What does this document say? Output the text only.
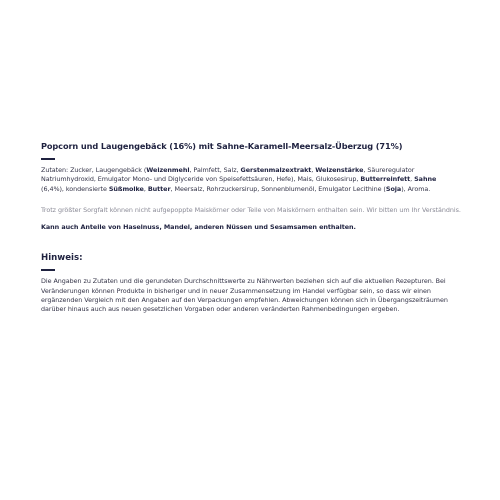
Popcorn und Laugengebäck (16%) mit Sahne-Karamell-Meersalz-Überzug (71%)

Zutaten: Zucker, Laugengebäck (Weizenmehl, Palmfett, Salz, Gerstenmalzextrakt, Weizenstärke, Säureregulator Natriumhydroxid, Emulgator Mono- und Diglyceride von Speisefettsäuren, Hefe), Mais, Glukosesirup, Butterreinfett, Sahne (6,4%), kondensierte Süßmolke, Butter, Meersalz, Rohrzuckersirup, Sonnenblumenöl, Emulgator Lecithine (Soja), Aroma.

Trotz größter Sorgfalt können nicht aufgepoppte Maiskörner oder Teile von Maiskörnern enthalten sein. Wir bitten um Ihr Verständnis.

Kann auch Anteile von Haselnuss, Mandel, anderen Nüssen und Sesamsamen enthalten.

Hinweis:

Die Angaben zu Zutaten und die gerundeten Durchschnittswerte zu Nährwerten beziehen sich auf die aktuellen Rezepturen. Bei Veränderungen können Produkte in bisheriger und in neuer Zusammensetzung im Handel verfügbar sein, so dass wir einen ergänzenden Vergleich mit den Angaben auf den Verpackungen empfehlen. Abweichungen können sich in Übergangszeiträumen darüber hinaus auch aus neuen gesetzlichen Vorgaben oder anderen veränderten Rahmenbedingungen ergeben.
